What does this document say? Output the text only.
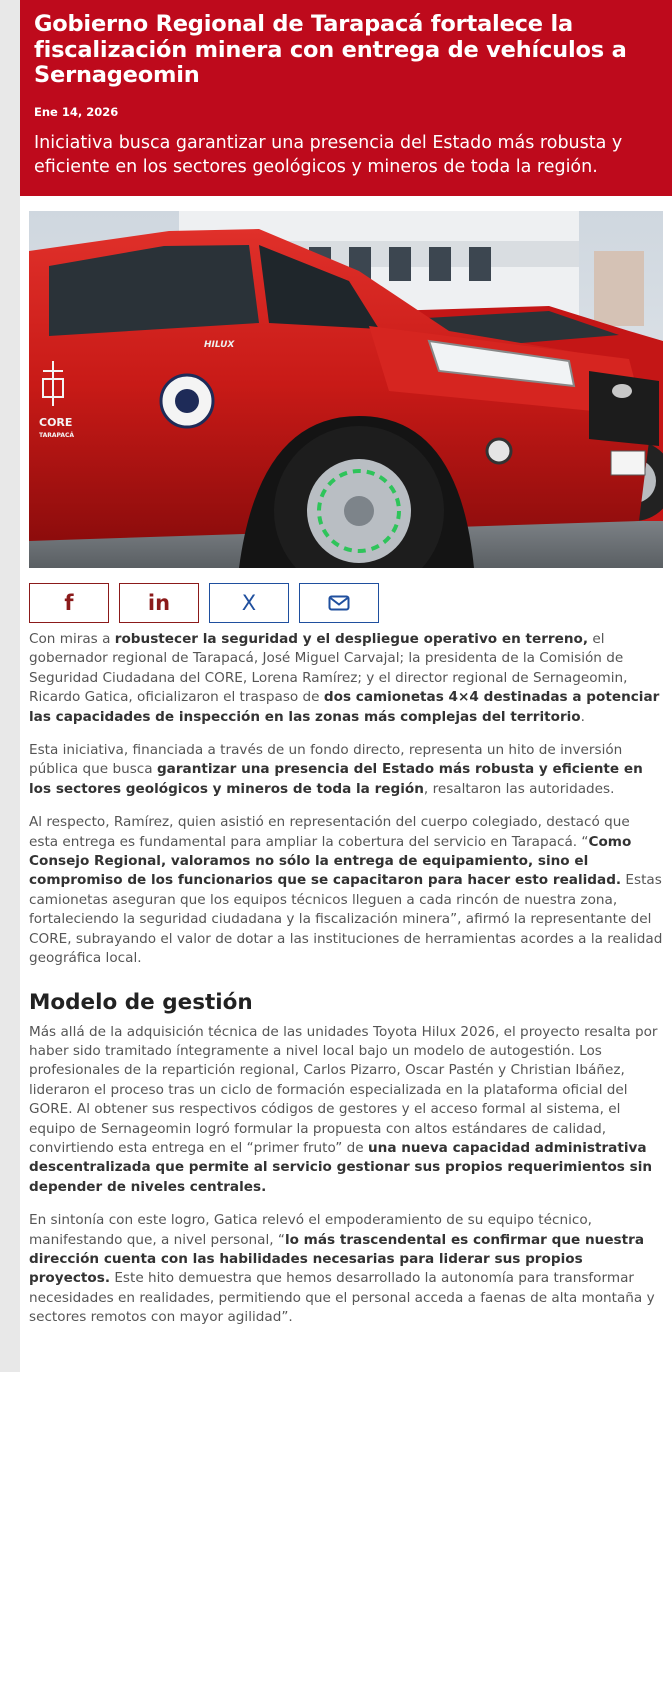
Gobierno Regional de Tarapacá fortalece la fiscalización minera con entrega de vehículos a Sernageomin
Ene 14, 2026
Iniciativa busca garantizar una presencia del Estado más robusta y eficiente en los sectores geológicos y mineros de toda la región.
CORE
TARAPACÁ
HILUX
f	in	X

Con miras a robustecer la seguridad y el despliegue operativo en terreno, el gobernador regional de Tarapacá, José Miguel Carvajal; la presidenta de la Comisión de Seguridad Ciudadana del CORE, Lorena Ramírez; y el director regional de Sernageomin, Ricardo Gatica, oficializaron el traspaso de dos camionetas 4×4 destinadas a potenciar las capacidades de inspección en las zonas más complejas del territorio.

Esta iniciativa, financiada a través de un fondo directo, representa un hito de inversión pública que busca garantizar una presencia del Estado más robusta y eficiente en los sectores geológicos y mineros de toda la región, resaltaron las autoridades.

Al respecto, Ramírez, quien asistió en representación del cuerpo colegiado, destacó que esta entrega es fundamental para ampliar la cobertura del servicio en Tarapacá. “Como Consejo Regional, valoramos no sólo la entrega de equipamiento, sino el compromiso de los funcionarios que se capacitaron para hacer esto realidad. Estas camionetas aseguran que los equipos técnicos lleguen a cada rincón de nuestra zona, fortaleciendo la seguridad ciudadana y la fiscalización minera”, afirmó la representante del CORE, subrayando el valor de dotar a las instituciones de herramientas acordes a la realidad geográfica local.

Modelo de gestión

Más allá de la adquisición técnica de las unidades Toyota Hilux 2026, el proyecto resalta por haber sido tramitado íntegramente a nivel local bajo un modelo de autogestión. Los profesionales de la repartición regional, Carlos Pizarro, Oscar Pastén y Christian Ibáñez, lideraron el proceso tras un ciclo de formación especializada en la plataforma oficial del GORE. Al obtener sus respectivos códigos de gestores y el acceso formal al sistema, el equipo de Sernageomin logró formular la propuesta con altos estándares de calidad, convirtiendo esta entrega en el “primer fruto” de una nueva capacidad administrativa descentralizada que permite al servicio gestionar sus propios requerimientos sin depender de niveles centrales.

En sintonía con este logro, Gatica relevó el empoderamiento de su equipo técnico, manifestando que, a nivel personal, “lo más trascendental es confirmar que nuestra dirección cuenta con las habilidades necesarias para liderar sus propios proyectos. Este hito demuestra que hemos desarrollado la autonomía para transformar necesidades en realidades, permitiendo que el personal acceda a faenas de alta montaña y sectores remotos con mayor agilidad”.
